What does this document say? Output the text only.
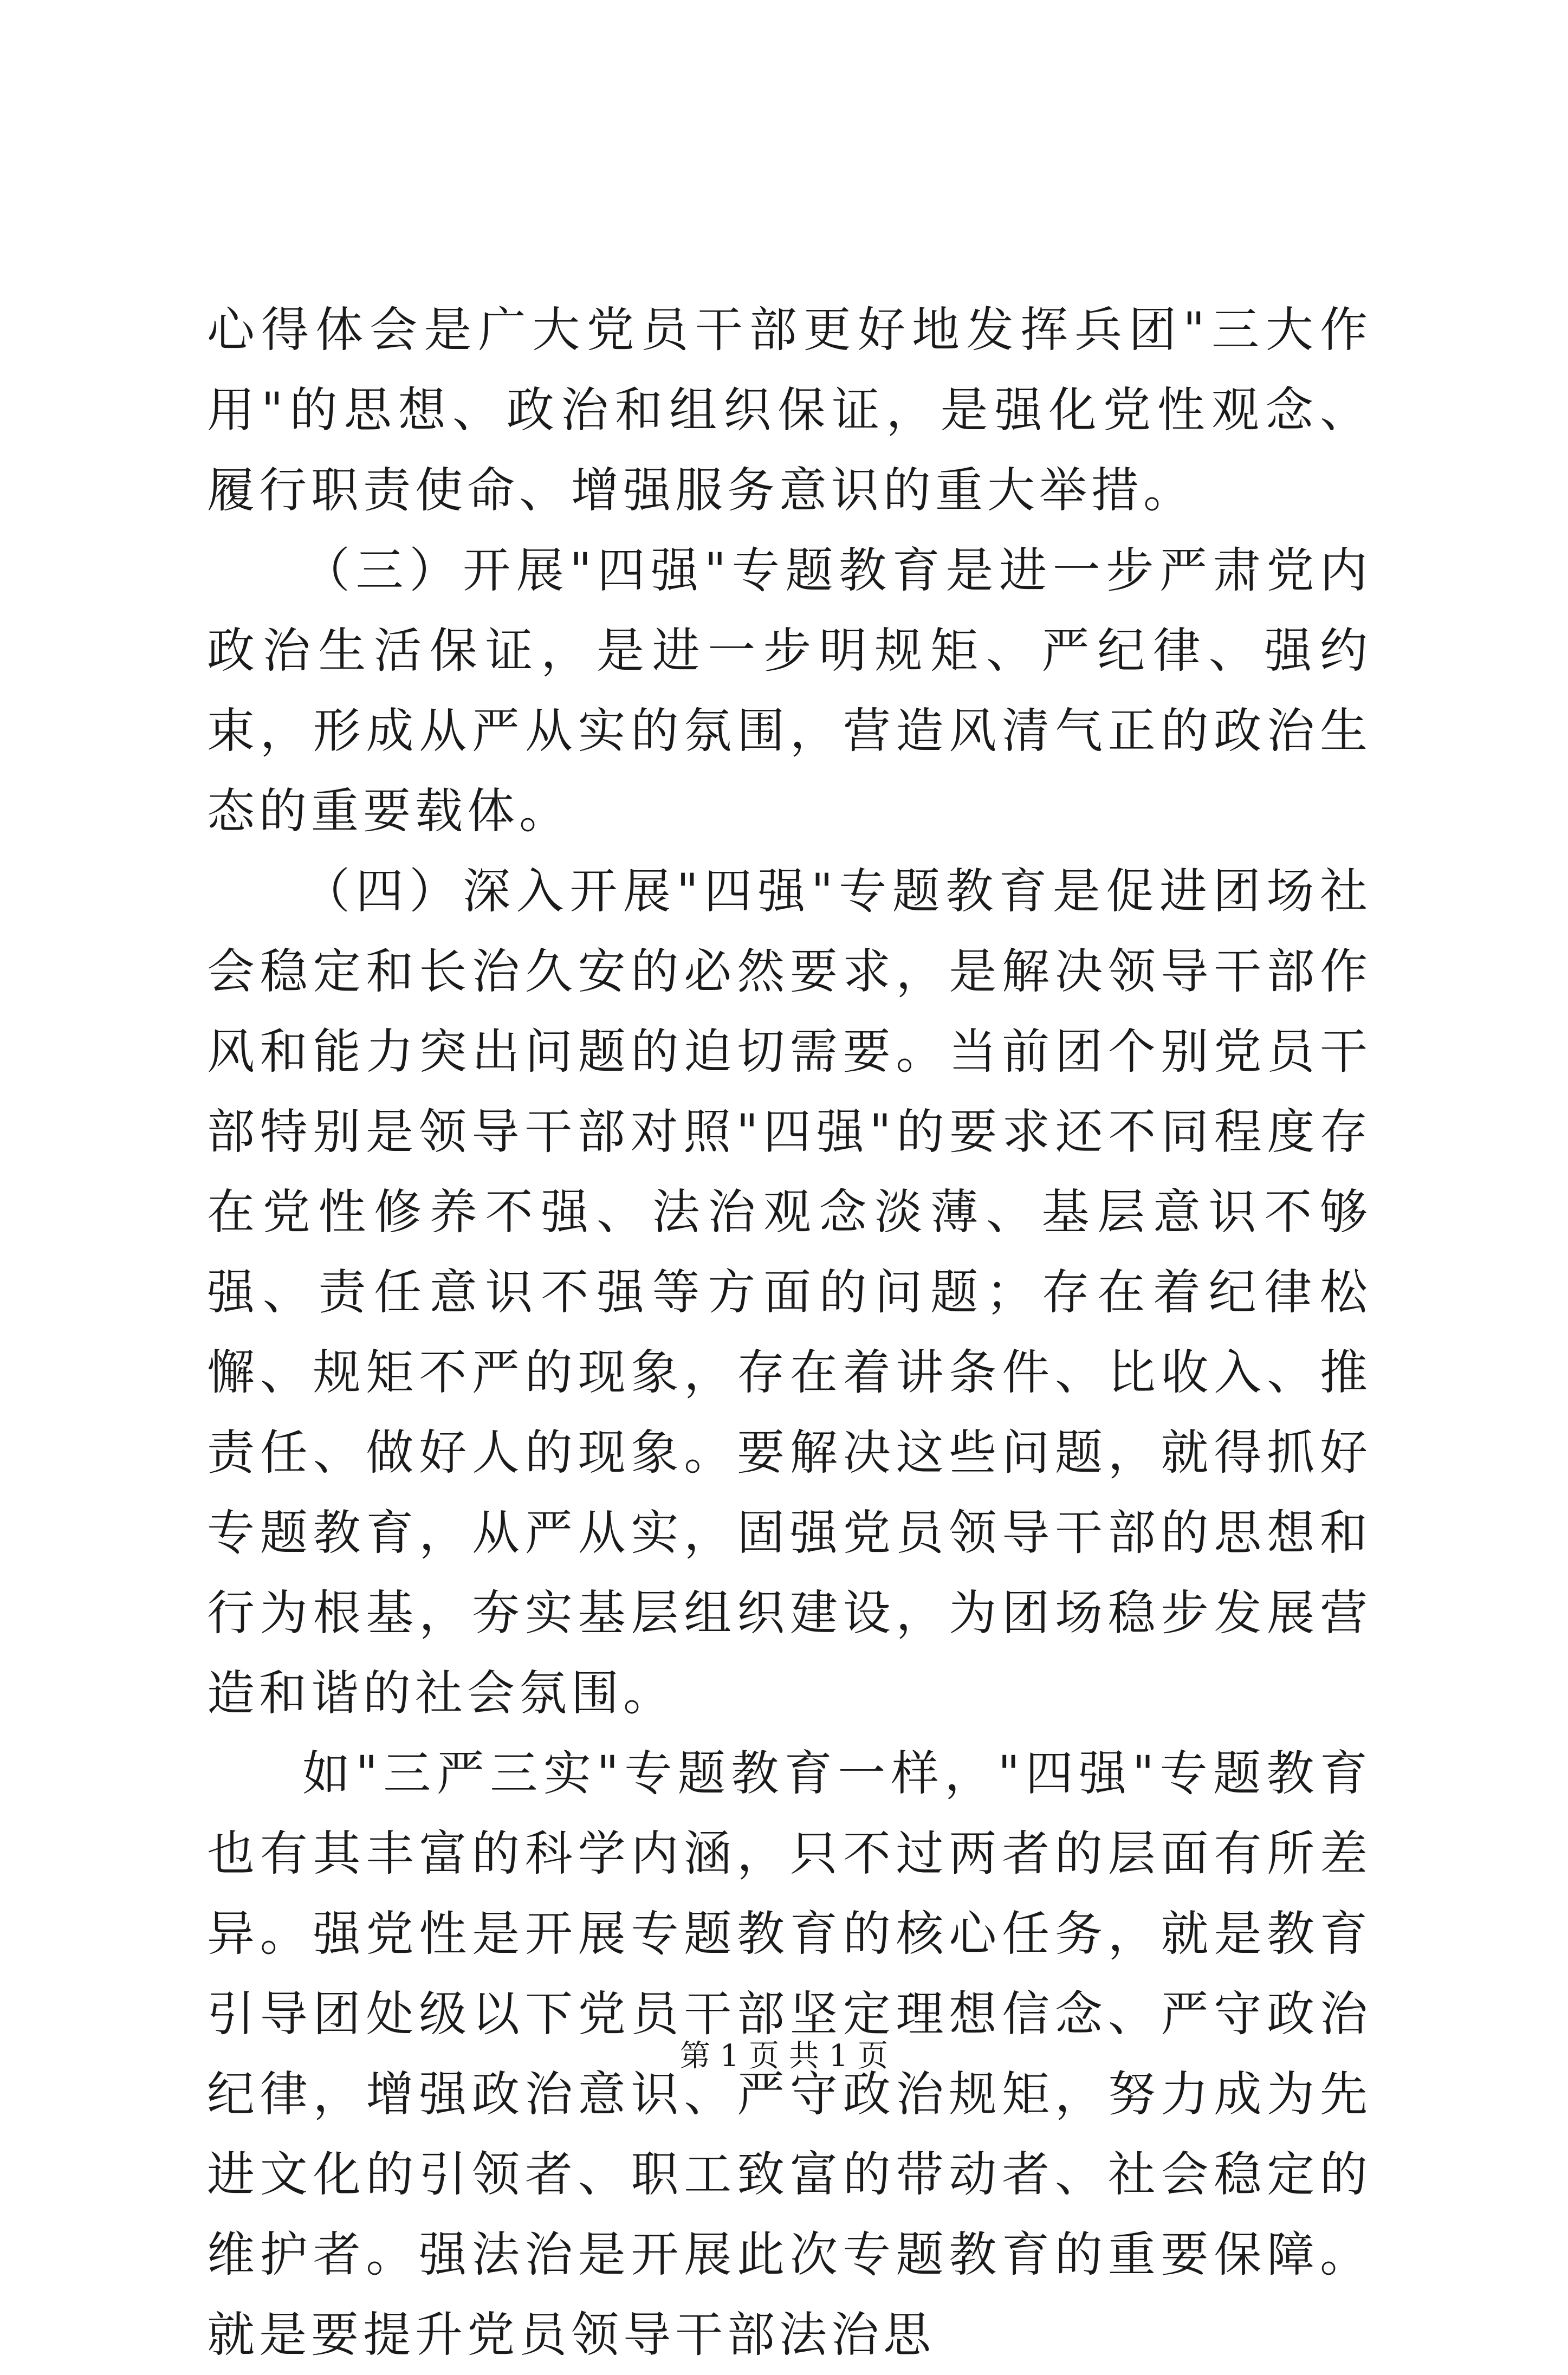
心得体会是广大党员干部更好地发挥兵团"三大作用"的思想、政治和组织保证，是强化党性观念、履行职责使命、增强服务意识的重大举措。

（三）开展"四强"专题教育是进一步严肃党内政治生活保证，是进一步明规矩、严纪律、强约束，形成从严从实的氛围，营造风清气正的政治生态的重要载体。

（四）深入开展"四强"专题教育是促进团场社会稳定和长治久安的必然要求，是解决领导干部作风和能力突出问题的迫切需要。当前团个别党员干部特别是领导干部对照"四强"的要求还不同程度存在党性修养不强、法治观念淡薄、基层意识不够强、责任意识不强等方面的问题；存在着纪律松懈、规矩不严的现象，存在着讲条件、比收入、推责任、做好人的现象。要解决这些问题，就得抓好专题教育，从严从实，固强党员领导干部的思想和行为根基，夯实基层组织建设，为团场稳步发展营造和谐的社会氛围。

如"三严三实"专题教育一样，"四强"专题教育也有其丰富的科学内涵，只不过两者的层面有所差异。强党性是开展专题教育的核心任务，就是教育引导团处级以下党员干部坚定理想信念、严守政治纪律，增强政治意识、严守政治规矩，努力成为先进文化的引领者、职工致富的带动者、社会稳定的维护者。强法治是开展此次专题教育的重要保障。就是要提升党员领导干部法治思

第 1 页 共 1 页
